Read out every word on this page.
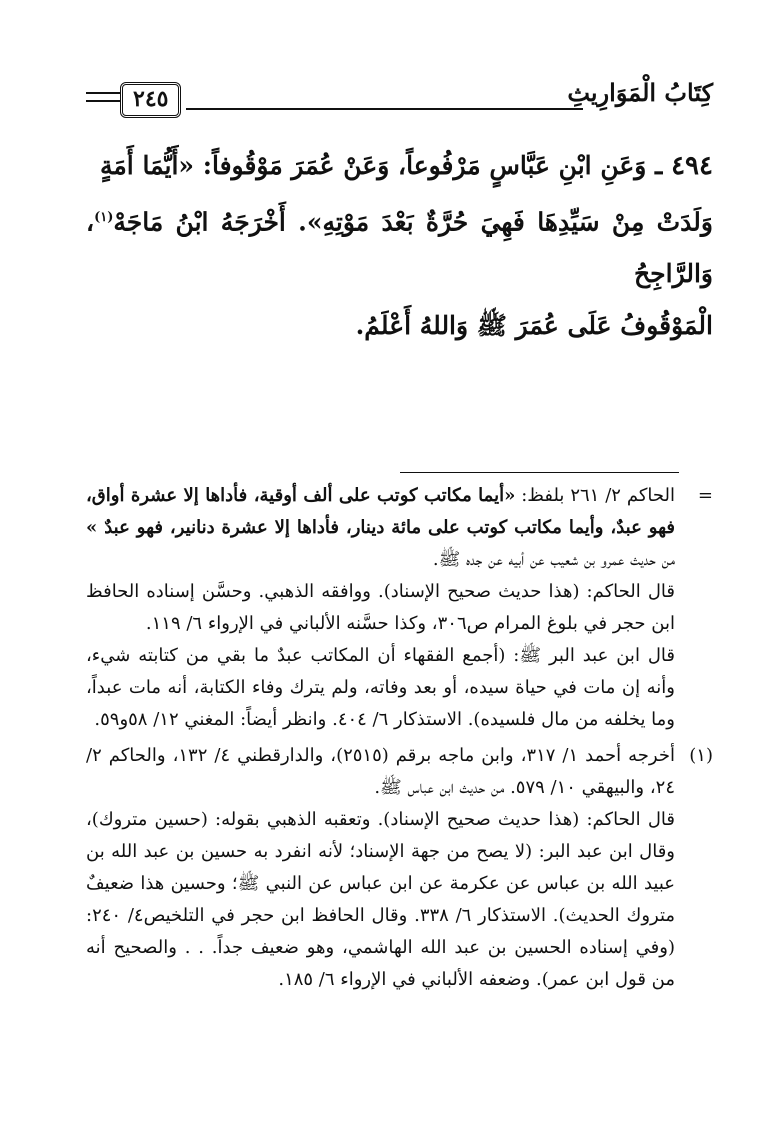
٢٤٥	كِتَابُ الْمَوَارِيثِ
٤٩٤ ـ وَعَنِ ابْنِ عَبَّاسٍ مَرْفُوعاً، وَعَنْ عُمَرَ مَوْقُوفاً: «أَيُّمَا أَمَةٍ
وَلَدَتْ مِنْ سَيِّدِهَا فَهِيَ حُرَّةٌ بَعْدَ مَوْتِهِ». أَخْرَجَهُ ابْنُ مَاجَهْ$^{(١)}$، وَالرَّاجِحُ
الْمَوْقُوفُ عَلَى عُمَرَ ﷺ وَاللهُ أَعْلَمُ.
=

الحاكم ٢/ ٢٦١ بلفظ: «أيما مكاتب كوتب على ألف أوقية، فأداها إلا عشرة أواق، فهو عبدٌ، وأيما مكاتب كوتب على مائة دينار، فأداها إلا عشرة دنانير، فهو عبدٌ » من حديث عمرو بن شعيب عن أبيه عن جده ﷺ.

قال الحاكم: (هذا حديث صحيح الإسناد). ووافقه الذهبي. وحسَّن إسناده الحافظ ابن حجر في بلوغ المرام ص٣٠٦، وكذا حسَّنه الألباني في الإرواء ٦/ ١١٩.

قال ابن عبد البر ﷺ: (أجمع الفقهاء أن المكاتب عبدٌ ما بقي من كتابته شيء، وأنه إن مات في حياة سيده، أو بعد وفاته، ولم يترك وفاء الكتابة، أنه مات عبداً، وما يخلفه من مال فلسيده). الاستذكار ٦/ ٤٠٤. وانظر أيضاً: المغني ١٢/ ٥٨و٥٩.

(١)

أخرجه أحمد ١/ ٣١٧، وابن ماجه برقم (٢٥١٥)، والدارقطني ٤/ ١٣٢، والحاكم ٢/ ٢٤، والبيهقي ١٠/ ٥٧٩. من حديث ابن عباس ﷺ.

قال الحاكم: (هذا حديث صحيح الإسناد). وتعقبه الذهبي بقوله: (حسين متروك)، وقال ابن عبد البر: (لا يصح من جهة الإسناد؛ لأنه انفرد به حسين بن عبد الله بن عبيد الله بن عباس عن عكرمة عن ابن عباس عن النبي ﷺ؛ وحسين هذا ضعيفٌ متروك الحديث). الاستذكار ٦/ ٣٣٨. وقال الحافظ ابن حجر في التلخيص٤/ ٢٤٠: (وفي إسناده الحسين بن عبد الله الهاشمي، وهو ضعيف جداً. . . والصحيح أنه من قول ابن عمر). وضعفه الألباني في الإرواء ٦/ ١٨٥.
